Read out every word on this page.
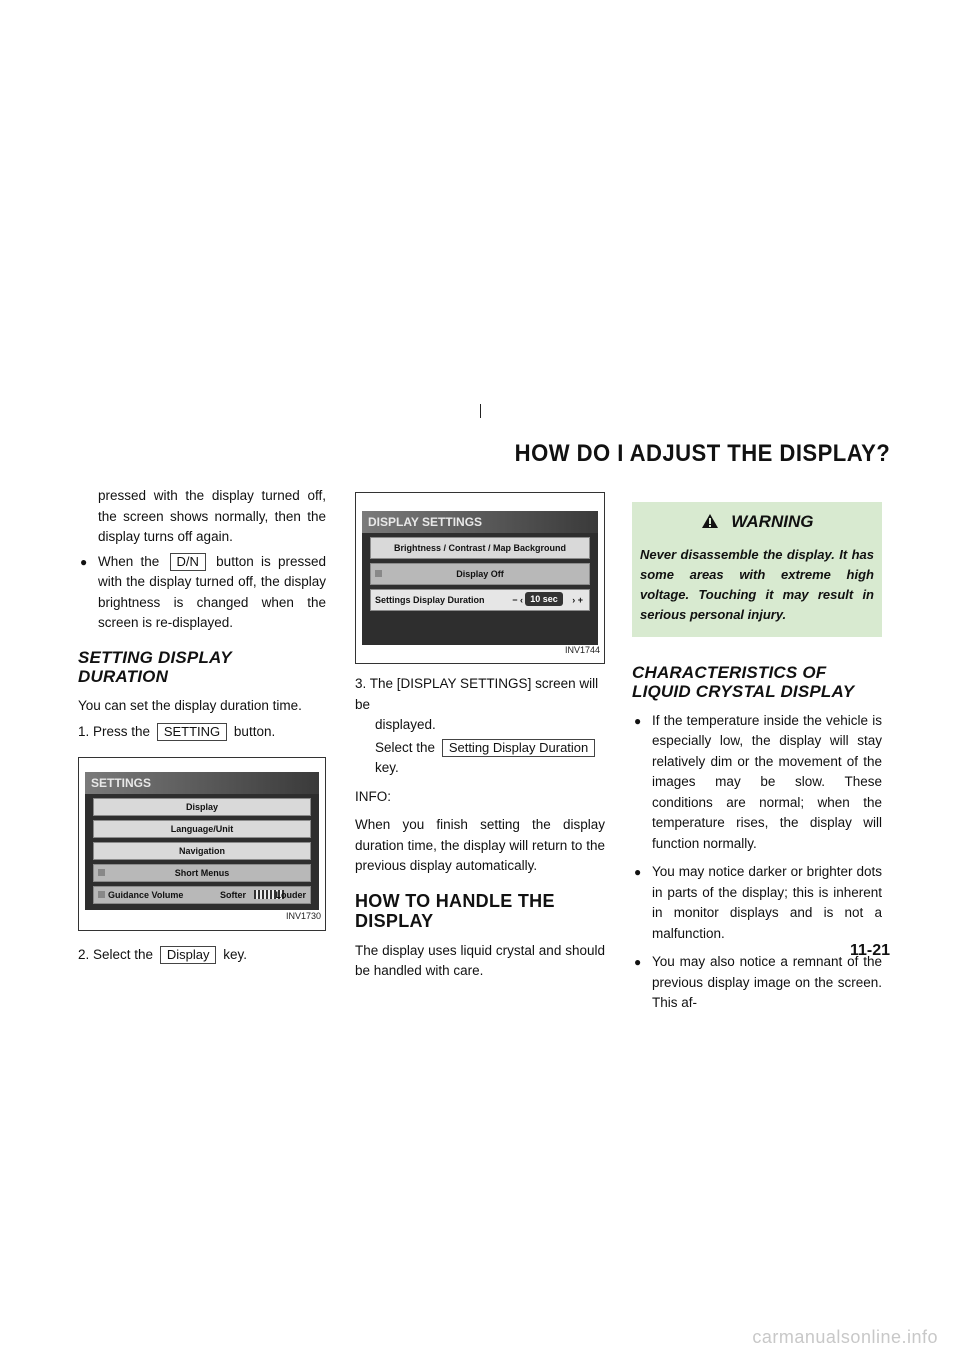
HOW DO I ADJUST THE DISPLAY?

pressed with the display turned off, the screen shows normally, then the display turns off again.

● When the D/N button is pressed with the display turned off, the display brightness is changed when the screen is re-displayed.

SETTING DISPLAY DURATION

You can set the display duration time.

1. Press the SETTING button.

SETTINGS
Display
Language/Unit
Navigation
Short Menus
Guidance Volume	Softer	Louder
INV1730

2. Select the Display key.

DISPLAY SETTINGS
Brightness / Contrast / Map Background
Display Off
Settings Display Duration	− ‹ 10 sec	› +
INV1744

3. The [DISPLAY SETTINGS] screen will be

displayed.

Select the Setting Display Duration key.

INFO:

When you finish setting the display duration time, the display will return to the previous display automatically.

HOW TO HANDLE THE DISPLAY

The display uses liquid crystal and should be handled with care.

WARNING
Never disassemble the display. It has some areas with extreme high voltage. Touching it may result in serious personal injury.
CHARACTERISTICS OF LIQUID CRYSTAL DISPLAY

● If the temperature inside the vehicle is especially low, the display will stay relatively dim or the movement of the images may be slow. These conditions are normal; when the temperature rises, the display will function normally.

● You may notice darker or brighter dots in parts of the display; this is inherent in monitor displays and is not a malfunction.

● You may also notice a remnant of the previous display image on the screen. This af-

11-21
carmanualsonline.info
